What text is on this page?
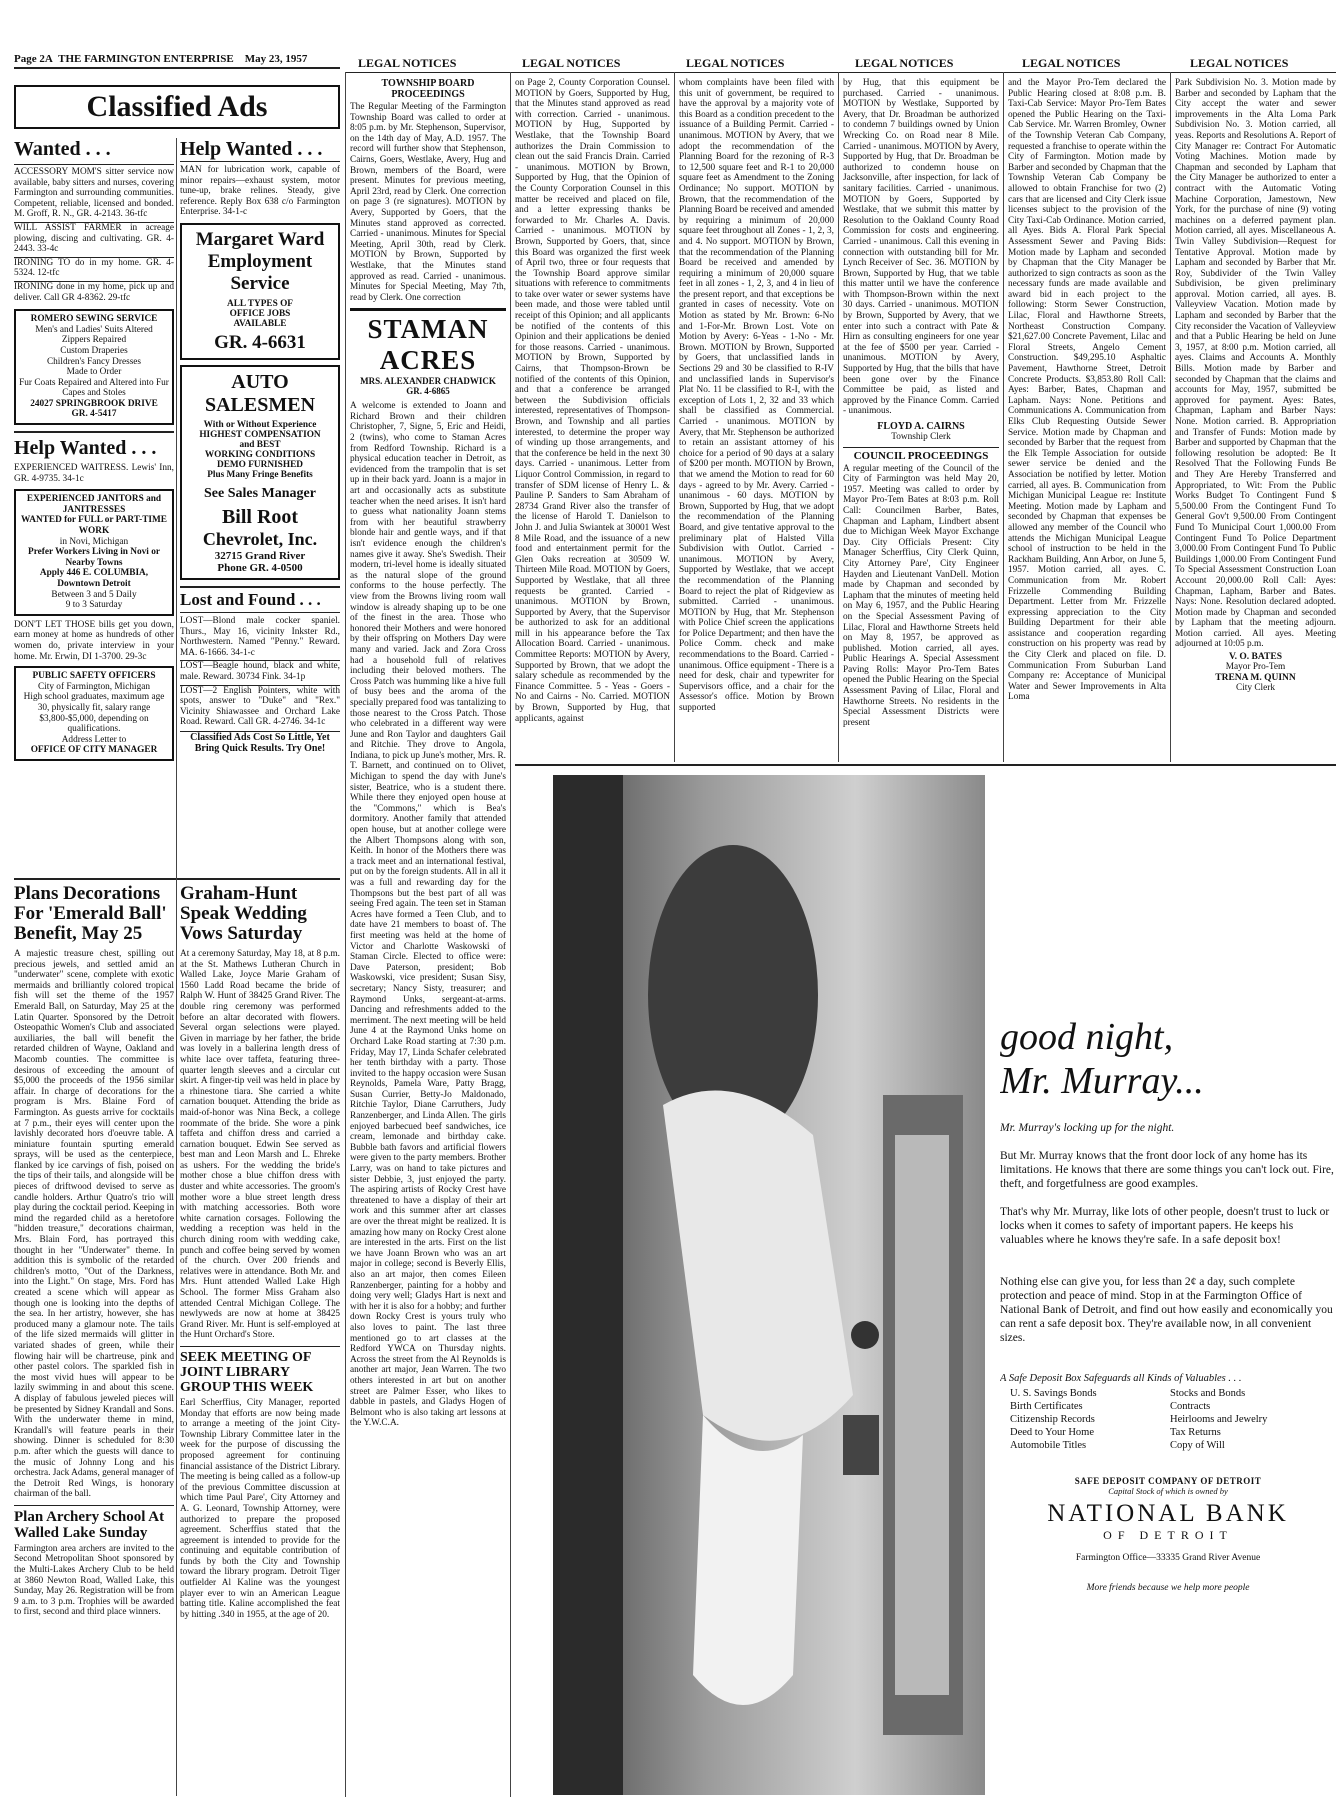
Page 2A THE FARMINGTON ENTERPRISE May 23, 1957	LEGAL NOTICES	LEGAL NOTICES	LEGAL NOTICES	LEGAL NOTICES	LEGAL NOTICES	LEGAL NOTICES
Classified Ads
Wanted . . .
ACCESSORY MOM'S sitter service now available, baby sitters and nurses, covering Farmington and surrounding communities. Competent, reliable, licensed and bonded. M. Groff, R. N., GR. 4-2143. 36-tfc
WILL ASSIST FARMER in acreage plowing, discing and cultivating. GR. 4-2443. 33-4c
IRONING TO do in my home. GR. 4-5324. 12-tfc
IRONING done in my home, pick up and deliver. Call GR 4-8362. 29-tfc
ROMERO SEWING SERVICE
Men's and Ladies' Suits Altered
Zippers Repaired
Custom Draperies
Children's Fancy Dresses
Made to Order
Fur Coats Repaired and Altered into Fur Capes and Stoles
24027 SPRINGBROOK DRIVE
GR. 4-5417
Help Wanted . . .
EXPERIENCED WAITRESS. Lewis' Inn, GR. 4-9735. 34-1c
EXPERIENCED JANITORS and JANITRESSES
WANTED for FULL or PART-TIME WORK
in Novi, Michigan
Prefer Workers Living in Novi or Nearby Towns
Apply 446 E. COLUMBIA, Downtown Detroit
Between 3 and 5 Daily
9 to 3 Saturday
DON'T LET THOSE bills get you down, earn money at home as hundreds of other women do, private interview in your home. Mr. Erwin, DI 1-3700. 29-3c
PUBLIC SAFETY OFFICERS
City of Farmington, Michigan
High school graduates, maximum age 30, physically fit, salary range $3,800-$5,000, depending on qualifications.
Address Letter to
OFFICE OF CITY MANAGER
Help Wanted . . .
MAN for lubrication work, capable of minor repairs—exhaust system, motor tune-up, brake relines. Steady, give reference. Reply Box 638 c/o Farmington Enterprise. 34-1-c
Margaret Ward
Employment
Service
ALL TYPES OF
OFFICE JOBS
AVAILABLE
GR. 4-6631
AUTO
SALESMEN
With or Without Experience
HIGHEST COMPENSATION
and BEST
WORKING CONDITIONS
DEMO FURNISHED
Plus Many Fringe Benefits
See Sales Manager
Bill Root
Chevrolet, Inc.
32715 Grand River
Phone GR. 4-0500
Lost and Found . . .
LOST—Blond male cocker spaniel. Thurs., May 16, vicinity Inkster Rd., Northwestern. Named "Penny." Reward. MA. 6-1666. 34-1-c
LOST—Beagle hound, black and white, male. Reward. 30734 Fink. 34-1p
LOST—2 English Pointers, white with spots, answer to "Duke" and "Rex." Vicinity Shiawassee and Orchard Lake Road. Reward. Call GR. 4-2746. 34-1c
Classified Ads Cost So Little, Yet Bring Quick Results. Try One!
Plans Decorations For 'Emerald Ball' Benefit, May 25
A majestic treasure chest, spilling out precious jewels, and settled amid an "underwater" scene, complete with exotic mermaids and brilliantly colored tropical fish will set the theme of the 1957 Emerald Ball, on Saturday, May 25 at the Latin Quarter. Sponsored by the Detroit Osteopathic Women's Club and associated auxiliaries, the ball will benefit the retarded children of Wayne, Oakland and Macomb counties. The committee is desirous of exceeding the amount of $5,000 the proceeds of the 1956 similar affair. In charge of decorations for the program is Mrs. Blaine Ford of Farmington. As guests arrive for cocktails at 7 p.m., their eyes will center upon the lavishly decorated hors d'oeuvre table. A miniature fountain spurting emerald sprays, will be used as the centerpiece, flanked by ice carvings of fish, poised on the tips of their tails, and alongside will be pieces of driftwood devised to serve as candle holders. Arthur Quatro's trio will play during the cocktail period. Keeping in mind the regarded child as a heretofore "hidden treasure," decorations chairman, Mrs. Blain Ford, has portrayed this thought in her "Underwater" theme. In addition this is symbolic of the retarded children's motto, "Out of the Darkness, into the Light." On stage, Mrs. Ford has created a scene which will appear as though one is looking into the depths of the sea. In her artistry, however, she has produced many a glamour note. The tails of the life sized mermaids will glitter in variated shades of green, while their flowing hair will be chartreuse, pink and other pastel colors. The sparkled fish in the most vivid hues will appear to be lazily swimming in and about this scene. A display of fabulous jeweled pieces will be presented by Sidney Krandall and Sons. With the underwater theme in mind, Krandall's will feature pearls in their showing. Dinner is scheduled for 8:30 p.m. after which the guests will dance to the music of Johnny Long and his orchestra. Jack Adams, general manager of the Detroit Red Wings, is honorary chairman of the ball.
Plan Archery School At Walled Lake Sunday
Farmington area archers are invited to the Second Metropolitan Shoot sponsored by the Multi-Lakes Archery Club to be held at 3860 Newton Road, Walled Lake, this Sunday, May 26. Registration will be from 9 a.m. to 3 p.m. Trophies will be awarded to first, second and third place winners.
Graham-Hunt Speak Wedding Vows Saturday
At a ceremony Saturday, May 18, at 8 p.m. at the St. Mathews Lutheran Church in Walled Lake, Joyce Marie Graham of 1560 Ladd Road became the bride of Ralph W. Hunt of 38425 Grand River. The double ring ceremony was performed before an altar decorated with flowers. Several organ selections were played. Given in marriage by her father, the bride was lovely in a ballerina length dress of white lace over taffeta, featuring three-quarter length sleeves and a circular cut skirt. A finger-tip veil was held in place by a rhinestone tiara. She carried a white carnation bouquet. Attending the bride as maid-of-honor was Nina Beck, a college roommate of the bride. She wore a pink taffeta and chiffon dress and carried a carnation bouquet. Edwin See served as best man and Leon Marsh and L. Ehreke as ushers. For the wedding the bride's mother chose a blue chiffon dress with duster and white accessories. The groom's mother wore a blue street length dress with matching accessories. Both wore white carnation corsages. Following the wedding a reception was held in the church dining room with wedding cake, punch and coffee being served by women of the church. Over 200 friends and relatives were in attendance. Both Mr. and Mrs. Hunt attended Walled Lake High School. The former Miss Graham also attended Central Michigan College. The newlyweds are now at home at 38425 Grand River. Mr. Hunt is self-employed at the Hunt Orchard's Store.
SEEK MEETING OF JOINT LIBRARY GROUP THIS WEEK
Earl Scherffius, City Manager, reported Monday that efforts are now being made to arrange a meeting of the joint City-Township Library Committee later in the week for the purpose of discussing the proposed agreement for continuing financial assistance of the District Library. The meeting is being called as a follow-up of the previous Committee discussion at which time Paul Pare', City Attorney and A. G. Leonard, Township Attorney, were authorized to prepare the proposed agreement. Scherffius stated that the agreement is intended to provide for the continuing and equitable contribution of funds by both the City and Township toward the library program. Detroit Tiger outfielder Al Kaline was the youngest player ever to win an American League batting title. Kaline accomplished the feat by hitting .340 in 1955, at the age of 20.
TOWNSHIP BOARD PROCEEDINGS
The Regular Meeting of the Farmington Township Board was called to order at 8:05 p.m. by Mr. Stephenson, Supervisor, on the 14th day of May, A.D. 1957. The record will further show that Stephenson, Cairns, Goers, Westlake, Avery, Hug and Brown, members of the Board, were present. Minutes for previous meeting, April 23rd, read by Clerk. One correction on page 3 (re signatures). MOTION by Avery, Supported by Goers, that the Minutes stand approved as corrected. Carried - unanimous. Minutes for Special Meeting, April 30th, read by Clerk. MOTION by Brown, Supported by Westlake, that the Minutes stand approved as read. Carried - unanimous. Minutes for Special Meeting, May 7th, read by Clerk. One correction
STAMAN ACRES
MRS. ALEXANDER CHADWICK
GR. 4-6865
A welcome is extended to Joann and Richard Brown and their children Christopher, 7, Signe, 5, Eric and Heidi, 2 (twins), who come to Staman Acres from Redford Township. Richard is a physical education teacher in Detroit, as evidenced from the trampolin that is set up in their back yard. Joann is a major in art and occasionally acts as substitute teacher when the need arises. It isn't hard to guess what nationality Joann stems from with her beautiful strawberry blonde hair and gentle ways, and if that isn't evidence enough the children's names give it away. She's Swedish. Their modern, tri-level home is ideally situated as the natural slope of the ground conforms to the house perfectly. The view from the Browns living room wall window is already shaping up to be one of the finest in the area. Those who honored their Mothers and were honored by their offspring on Mothers Day were many and varied. Jack and Zora Cross had a household full of relatives including their beloved mothers. The Cross Patch was humming like a hive full of busy bees and the aroma of the specially prepared food was tantalizing to those nearest to the Cross Patch. Those who celebrated in a different way were June and Ron Taylor and daughters Gail and Ritchie. They drove to Angola, Indiana, to pick up June's mother, Mrs. R. T. Barnett, and continued on to Olivet, Michigan to spend the day with June's sister, Beatrice, who is a student there. While there they enjoyed open house at the "Commons," which is Bea's dormitory. Another family that attended open house, but at another college were the Albert Thompsons along with son, Keith. In honor of the Mothers there was a track meet and an international festival, put on by the foreign students. All in all it was a full and rewarding day for the Thompsons but the best part of all was seeing Fred again. The teen set in Staman Acres have formed a Teen Club, and to date have 21 members to boast of. The first meeting was held at the home of Victor and Charlotte Waskowski of Staman Circle. Elected to office were: Dave Paterson, president; Bob Waskowski, vice president; Susan Sisy, secretary; Nancy Sisty, treasurer; and Raymond Unks, sergeant-at-arms. Dancing and refreshments added to the merriment. The next meeting will be held June 4 at the Raymond Unks home on Orchard Lake Road starting at 7:30 p.m. Friday, May 17, Linda Schafer celebrated her tenth birthday with a party. Those invited to the happy occasion were Susan Reynolds, Pamela Ware, Patty Bragg, Susan Currier, Betty-Jo Maldonado, Ritchie Taylor, Diane Carruthers, Judy Ranzenberger, and Linda Allen. The girls enjoyed barbecued beef sandwiches, ice cream, lemonade and birthday cake. Bubble bath favors and artificial flowers were given to the party members. Brother Larry, was on hand to take pictures and sister Debbie, 3, just enjoyed the party. The aspiring artists of Rocky Crest have threatened to have a display of their art work and this summer after art classes are over the threat might be realized. It is amazing how many on Rocky Crest alone are interested in the arts. First on the list we have Joann Brown who was an art major in college; second is Beverly Ellis, also an art major, then comes Eileen Ranzenberger, painting for a hobby and doing very well; Gladys Hart is next and with her it is also for a hobby; and further down Rocky Crest is yours truly who also loves to paint. The last three mentioned go to art classes at the Redford YWCA on Thursday nights. Across the street from the Al Reynolds is another art major, Jean Warren. The two others interested in art but on another street are Palmer Esser, who likes to dabble in pastels, and Gladys Hogen of Belmont who is also taking art lessons at the Y.W.C.A.
on Page 2, County Corporation Counsel. MOTION by Goers, Supported by Hug, that the Minutes stand approved as read with correction. Carried - unanimous. MOTION by Hug, Supported by Westlake, that the Township Board authorizes the Drain Commission to clean out the said Francis Drain. Carried - unanimous. MOTION by Brown, Supported by Hug, that the Opinion of the County Corporation Counsel in this matter be received and placed on file, and a letter expressing thanks be forwarded to Mr. Charles A. Davis. Carried - unanimous. MOTION by Brown, Supported by Goers, that, since this Board was organized the first week of April two, three or four requests that the Township Board approve similar situations with reference to commitments to take over water or sewer systems have been made, and those were tabled until receipt of this Opinion; and all applicants be notified of the contents of this Opinion and their applications be denied for those reasons. Carried - unanimous. MOTION by Brown, Supported by Cairns, that Thompson-Brown be notified of the contents of this Opinion, and that a conference be arranged between the Subdivision officials interested, representatives of Thompson-Brown, and Township and all parties interested, to determine the proper way of winding up those arrangements, and that the conference be held in the next 30 days. Carried - unanimous. Letter from Liquor Control Commission, in regard to transfer of SDM license of Henry L. & Pauline P. Sanders to Sam Abraham of 28734 Grand River also the transfer of the license of Harold T. Danielson to John J. and Julia Swiantek at 30001 West 8 Mile Road, and the issuance of a new food and entertainment permit for the Glen Oaks recreation at 30509 W. Thirteen Mile Road. MOTION by Goers, Supported by Westlake, that all three requests be granted. Carried - unanimous. MOTION by Brown, Supported by Avery, that the Supervisor be authorized to ask for an additional mill in his appearance before the Tax Allocation Board. Carried - unanimous. Committee Reports: MOTION by Avery, Supported by Brown, that we adopt the salary schedule as recommended by the Finance Committee. 5 - Yeas - Goers - No and Cairns - No. Carried. MOTION by Brown, Supported by Hug, that applicants, against
whom complaints have been filed with this unit of government, be required to have the approval by a majority vote of this Board as a condition precedent to the issuance of a Building Permit. Carried - unanimous. MOTION by Avery, that we adopt the recommendation of the Planning Board for the rezoning of R-3 to 12,500 square feet and R-1 to 20,000 square feet as Amendment to the Zoning Ordinance; No support. MOTION by Brown, that the recommendation of the Planning Board be received and amended by requiring a minimum of 20,000 square feet throughout all Zones - 1, 2, 3, and 4. No support. MOTION by Brown, that the recommendation of the Planning Board be received and amended by requiring a minimum of 20,000 square feet in all zones - 1, 2, 3, and 4 in lieu of the present report, and that exceptions be granted in cases of necessity. Vote on Motion as stated by Mr. Brown: 6-No and 1-For-Mr. Brown Lost. Vote on Motion by Avery: 6-Yeas - 1-No - Mr. Brown. MOTION by Brown, Supported by Goers, that unclassified lands in Sections 29 and 30 be classified to R-IV and unclassified lands in Supervisor's Plat No. 11 be classified to R-I, with the exception of Lots 1, 2, 32 and 33 which shall be classified as Commercial. Carried - unanimous. MOTION by Avery, that Mr. Stephenson be authorized to retain an assistant attorney of his choice for a period of 90 days at a salary of $200 per month. MOTION by Brown, that we amend the Motion to read for 60 days - agreed to by Mr. Avery. Carried - unanimous - 60 days. MOTION by Brown, Supported by Hug, that we adopt the recommendation of the Planning Board, and give tentative approval to the preliminary plat of Halsted Villa Subdivision with Outlot. Carried - unanimous. MOTION by Avery, Supported by Westlake, that we accept the recommendation of the Planning Board to reject the plat of Ridgeview as submitted. Carried - unanimous. MOTION by Hug, that Mr. Stephenson with Police Chief screen the applications for Police Department; and then have the Police Comm. check and make recommendations to the Board. Carried - unanimous. Office equipment - There is a need for desk, chair and typewriter for Supervisors office, and a chair for the Assessor's office. Motion by Brown supported
by Hug, that this equipment be purchased. Carried - unanimous. MOTION by Westlake, Supported by Avery, that Dr. Broadman be authorized to condemn 7 buildings owned by Union Wrecking Co. on Road near 8 Mile. Carried - unanimous. MOTION by Avery, Supported by Hug, that Dr. Broadman be authorized to condemn house on Jacksonville, after inspection, for lack of sanitary facilities. Carried - unanimous. MOTION by Goers, Supported by Westlake, that we submit this matter by Resolution to the Oakland County Road Commission for costs and engineering. Carried - unanimous. Call this evening in connection with outstanding bill for Mr. Lynch Receiver of Sec. 36. MOTION by Brown, Supported by Hug, that we table this matter until we have the conference with Thompson-Brown within the next 30 days. Carried - unanimous. MOTION by Brown, Supported by Avery, that we enter into such a contract with Pate & Hirn as consulting engineers for one year at the fee of $500 per year. Carried - unanimous. MOTION by Avery, Supported by Hug, that the bills that have been gone over by the Finance Committee be paid, as listed and approved by the Finance Comm. Carried - unanimous.
FLOYD A. CAIRNS
Township Clerk
COUNCIL PROCEEDINGS
A regular meeting of the Council of the City of Farmington was held May 20, 1957. Meeting was called to order by Mayor Pro-Tem Bates at 8:03 p.m. Roll Call: Councilmen Barber, Bates, Chapman and Lapham, Lindbert absent due to Michigan Week Mayor Exchange Day. City Officials Present: City Manager Scherffius, City Clerk Quinn, City Attorney Pare', City Engineer Hayden and Lieutenant VanDell. Motion made by Chapman and seconded by Lapham that the minutes of meeting held on May 6, 1957, and the Public Hearing on the Special Assessment Paving of Lilac, Floral and Hawthorne Streets held on May 8, 1957, be approved as published. Motion carried, all ayes. Public Hearings A. Special Assessment Paving Rolls: Mayor Pro-Tem Bates opened the Public Hearing on the Special Assessment Paving of Lilac, Floral and Hawthorne Streets. No residents in the Special Assessment Districts were present
and the Mayor Pro-Tem declared the Public Hearing closed at 8:08 p.m. B. Taxi-Cab Service: Mayor Pro-Tem Bates opened the Public Hearing on the Taxi-Cab Service. Mr. Warren Bromley, Owner of the Township Veteran Cab Company, requested a franchise to operate within the City of Farmington. Motion made by Barber and seconded by Chapman that the Township Veteran Cab Company be allowed to obtain Franchise for two (2) cars that are licensed and City Clerk issue licenses subject to the provision of the City Taxi-Cab Ordinance. Motion carried, all Ayes. Bids A. Floral Park Special Assessment Sewer and Paving Bids: Motion made by Lapham and seconded by Chapman that the City Manager be authorized to sign contracts as soon as the necessary funds are made available and award bid in each project to the following: Storm Sewer Construction, Lilac, Floral and Hawthorne Streets, Northeast Construction Company. $21,627.00 Concrete Pavement, Lilac and Floral Streets, Angelo Cement Construction. $49,295.10 Asphaltic Pavement, Hawthorne Street, Detroit Concrete Products. $3,853.80 Roll Call: Ayes: Barber, Bates, Chapman and Lapham. Nays: None. Petitions and Communications A. Communication from Elks Club Requesting Outside Sewer Service. Motion made by Chapman and seconded by Barber that the request from the Elk Temple Association for outside sewer service be denied and the Association be notified by letter. Motion carried, all ayes. B. Communication from Michigan Municipal League re: Institute Meeting. Motion made by Lapham and seconded by Chapman that expenses be allowed any member of the Council who attends the Michigan Municipal League school of instruction to be held in the Rackham Building, Ann Arbor, on June 5, 1957. Motion carried, all ayes. C. Communication from Mr. Robert Frizzelle Commending Building Department. Letter from Mr. Frizzelle expressing appreciation to the City Building Department for their able assistance and cooperation regarding construction on his property was read by the City Clerk and placed on file. D. Communication From Suburban Land Company re: Acceptance of Municipal Water and Sewer Improvements in Alta Loma
Park Subdivision No. 3. Motion made by Barber and seconded by Lapham that the City accept the water and sewer improvements in the Alta Loma Park Subdivision No. 3. Motion carried, all yeas. Reports and Resolutions A. Report of City Manager re: Contract For Automatic Voting Machines. Motion made by Chapman and seconded by Lapham that the City Manager be authorized to enter a contract with the Automatic Voting Machine Corporation, Jamestown, New York, for the purchase of nine (9) voting machines on a deferred payment plan. Motion carried, all ayes. Miscellaneous A. Twin Valley Subdivision—Request for Tentative Approval. Motion made by Lapham and seconded by Barber that Mr. Roy, Subdivider of the Twin Valley Subdivision, be given preliminary approval. Motion carried, all ayes. B. Valleyview Vacation. Motion made by Lapham and seconded by Barber that the City reconsider the Vacation of Valleyview and that a Public Hearing be held on June 3, 1957, at 8:00 p.m. Motion carried, all ayes. Claims and Accounts A. Monthly Bills. Motion made by Barber and seconded by Chapman that the claims and accounts for May, 1957, submitted be approved for payment. Ayes: Bates, Chapman, Lapham and Barber Nays: None. Motion carried. B. Appropriation and Transfer of Funds: Motion made by Barber and supported by Chapman that the following resolution be adopted: Be It Resolved That the Following Funds Be and They Are Hereby Transferred and Appropriated, to Wit: From the Public Works Budget To Contingent Fund $ 5,500.00 From the Contingent Fund To General Gov't 9,500.00 From Contingent Fund To Municipal Court 1,000.00 From Contingent Fund To Police Department 3,000.00 From Contingent Fund To Public Buildings 1,000.00 From Contingent Fund To Special Assessment Construction Loan Account 20,000.00 Roll Call: Ayes: Chapman, Lapham, Barber and Bates. Nays: None. Resolution declared adopted. Motion made by Chapman and seconded by Lapham that the meeting adjourn. Motion carried. All ayes. Meeting adjourned at 10:05 p.m.
V. O. BATES
Mayor Pro-Tem
TRENA M. QUINN
City Clerk
good night,
Mr. Murray...
Mr. Murray's locking up for the night.
But Mr. Murray knows that the front door lock of any home has its limitations. He knows that there are some things you can't lock out. Fire, theft, and forgetfulness are good examples.
That's why Mr. Murray, like lots of other people, doesn't trust to luck or locks when it comes to safety of important papers. He keeps his valuables where he knows they're safe. In a safe deposit box!
Nothing else can give you, for less than 2¢ a day, such complete protection and peace of mind. Stop in at the Farmington Office of National Bank of Detroit, and find out how easily and economically you can rent a safe deposit box. They're available now, in all convenient sizes.
A Safe Deposit Box Safeguards all Kinds of Valuables . . .
U. S. Savings Bonds
Birth Certificates
Citizenship Records
Deed to Your Home
Automobile Titles
Stocks and Bonds
Contracts
Heirlooms and Jewelry
Tax Returns
Copy of Will
SAFE DEPOSIT COMPANY OF DETROIT
Capital Stock of which is owned by
NATIONAL BANK
OF DETROIT
Farmington Office—33335 Grand River Avenue
More friends because we help more people
